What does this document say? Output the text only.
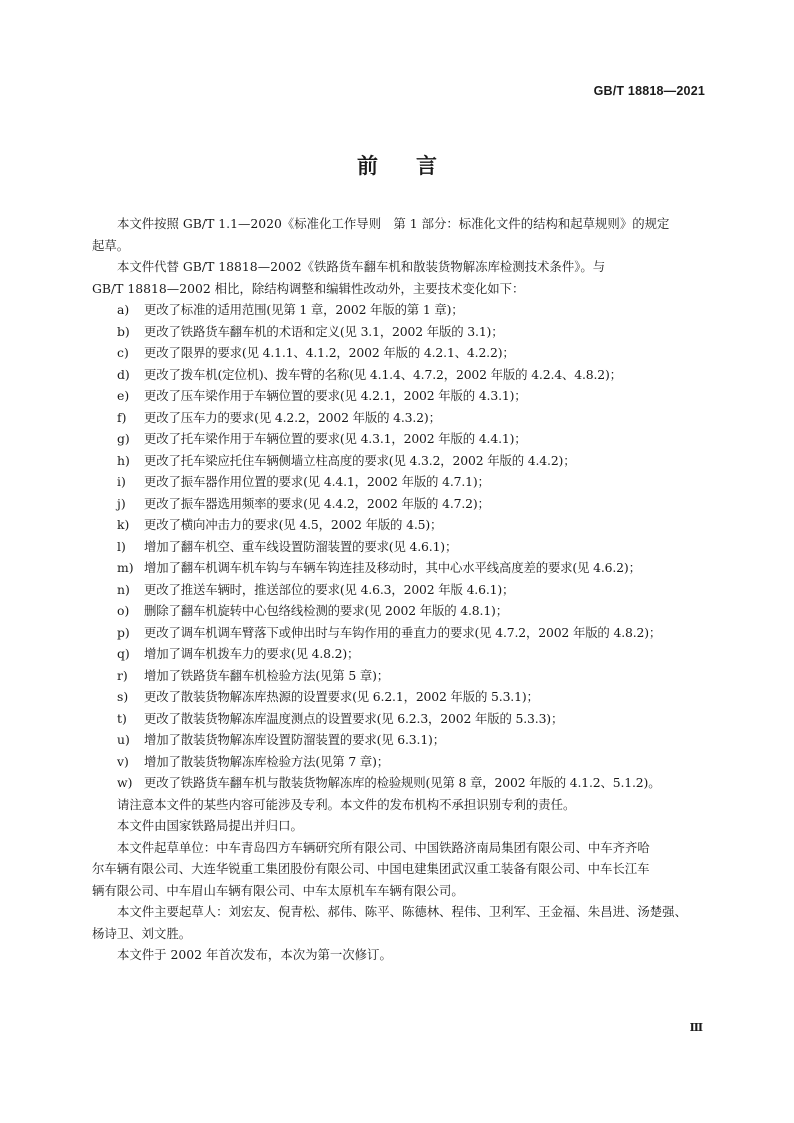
GB/T 18818—2021
前言
本文件按照 GB/T 1.1—2020《标准化工作导则　第 1 部分：标准化文件的结构和起草规则》的规定
起草。
本文件代替 GB/T 18818—2002《铁路货车翻车机和散装货物解冻库检测技术条件》。与
GB/T 18818—2002 相比，除结构调整和编辑性改动外，主要技术变化如下：
a)	更改了标准的适用范围(见第 1 章，2002 年版的第 1 章)；
b)	更改了铁路货车翻车机的术语和定义(见 3.1，2002 年版的 3.1)；
c)	更改了限界的要求(见 4.1.1、4.1.2，2002 年版的 4.2.1、4.2.2)；
d)	更改了拨车机(定位机)、拨车臂的名称(见 4.1.4、4.7.2，2002 年版的 4.2.4、4.8.2)；
e)	更改了压车梁作用于车辆位置的要求(见 4.2.1，2002 年版的 4.3.1)；
f)	更改了压车力的要求(见 4.2.2，2002 年版的 4.3.2)；
g)	更改了托车梁作用于车辆位置的要求(见 4.3.1，2002 年版的 4.4.1)；
h)	更改了托车梁应托住车辆侧墙立柱高度的要求(见 4.3.2，2002 年版的 4.4.2)；
i)	更改了振车器作用位置的要求(见 4.4.1，2002 年版的 4.7.1)；
j)	更改了振车器选用频率的要求(见 4.4.2，2002 年版的 4.7.2)；
k)	更改了横向冲击力的要求(见 4.5，2002 年版的 4.5)；
l)	增加了翻车机空、重车线设置防溜装置的要求(见 4.6.1)；
m) 增加了翻车机调车机车钩与车辆车钩连挂及移动时，其中心水平线高度差的要求(见 4.6.2)；
n)	更改了推送车辆时，推送部位的要求(见 4.6.3，2002 年版 4.6.1)；
o)	删除了翻车机旋转中心包络线检测的要求(见 2002 年版的 4.8.1)；
p)	更改了调车机调车臂落下或伸出时与车钩作用的垂直力的要求(见 4.7.2，2002 年版的 4.8.2)；
q)	增加了调车机拨车力的要求(见 4.8.2)；
r)	增加了铁路货车翻车机检验方法(见第 5 章)；
s)	更改了散装货物解冻库热源的设置要求(见 6.2.1，2002 年版的 5.3.1)；
t)	更改了散装货物解冻库温度测点的设置要求(见 6.2.3，2002 年版的 5.3.3)；
u)	增加了散装货物解冻库设置防溜装置的要求(见 6.3.1)；
v)	增加了散装货物解冻库检验方法(见第 7 章)；
w) 更改了铁路货车翻车机与散装货物解冻库的检验规则(见第 8 章，2002 年版的 4.1.2、5.1.2)。
请注意本文件的某些内容可能涉及专利。本文件的发布机构不承担识别专利的责任。
本文件由国家铁路局提出并归口。
本文件起草单位：中车青岛四方车辆研究所有限公司、中国铁路济南局集团有限公司、中车齐齐哈
尔车辆有限公司、大连华锐重工集团股份有限公司、中国电建集团武汉重工装备有限公司、中车长江车
辆有限公司、中车眉山车辆有限公司、中车太原机车车辆有限公司。
本文件主要起草人：刘宏友、倪青松、郝伟、陈平、陈德林、程伟、卫利军、王金福、朱昌进、汤楚强、
杨诗卫、刘文胜。
本文件于 2002 年首次发布，本次为第一次修订。
Ⅲ
